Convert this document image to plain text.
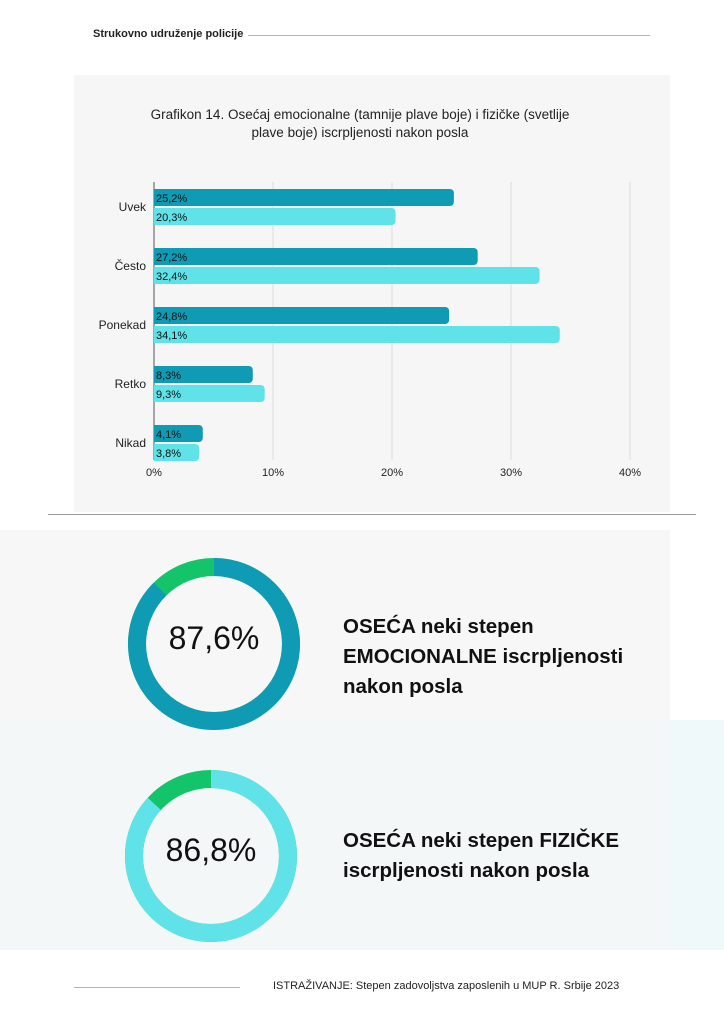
Strukovno udruženje policije
Grafikon 14. Osećaj emocionalne (tamnije plave boje) i fizičke (svetlije
plave boje) iscrpljenosti nakon posla
0%	10%	20%	30%	40%
Uvek
25,2%
20,3%
Često
27,2%
32,4%
Ponekad
24,8%
34,1%
Retko
8,3%
9,3%
Nikad
4,1%
3,8%
87,6%	OSEĆA neki stepen
EMOCIONALNE iscrpljenosti
nakon posla
86,8%	OSEĆA neki stepen FIZIČKE
iscrpljenosti nakon posla
ISTRAŽIVANJE: Stepen zadovoljstva zaposlenih u MUP R. Srbije 2023
